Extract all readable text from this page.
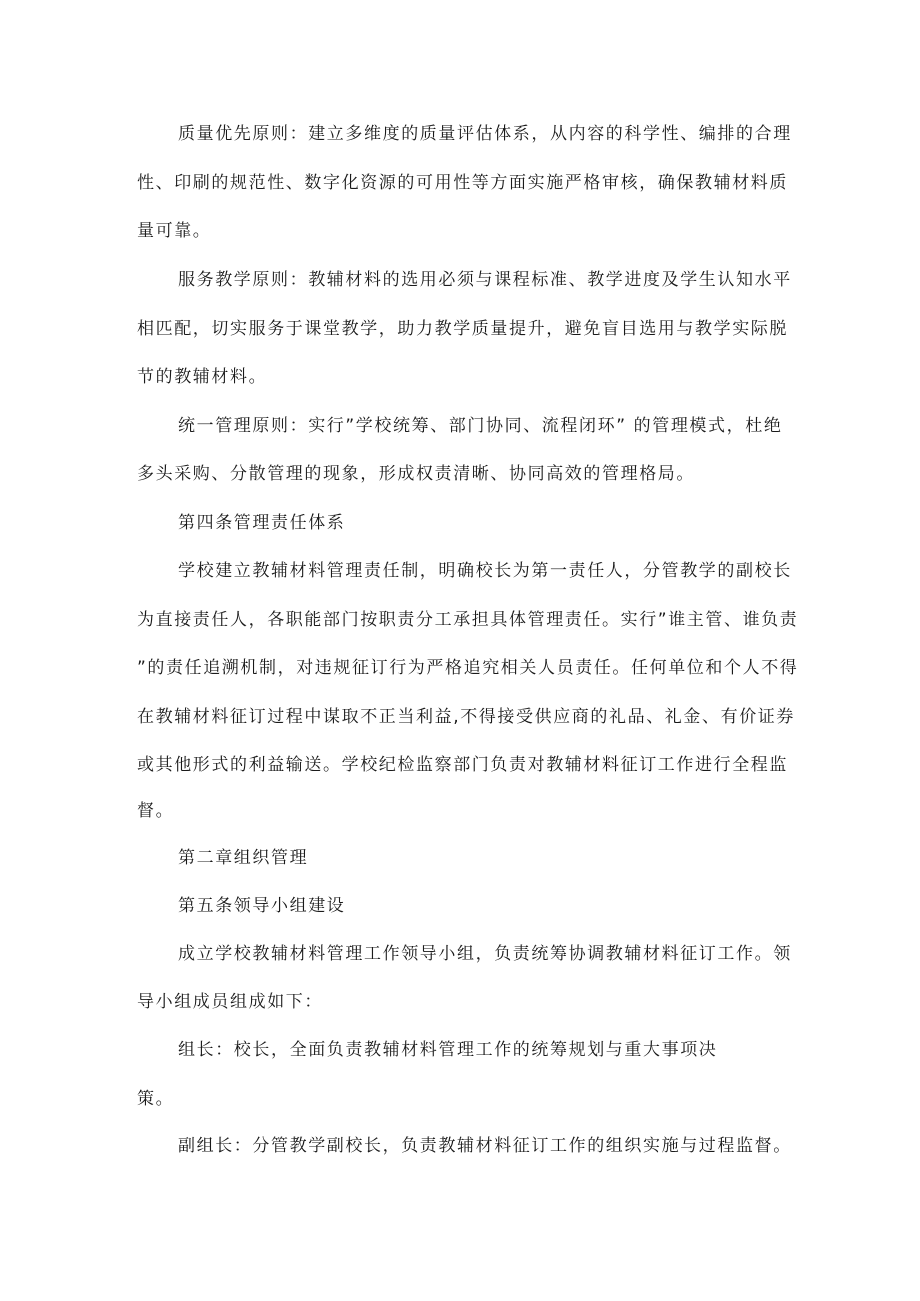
质量优先原则：建立多维度的质量评估体系，从内容的科学性、编排的合理
性、印刷的规范性、数字化资源的可用性等方面实施严格审核，确保教辅材料质
量可靠。
服务教学原则：教辅材料的选用必须与课程标准、教学进度及学生认知水平
相匹配，切实服务于课堂教学，助力教学质量提升，避免盲目选用与教学实际脱
节的教辅材料。
统一管理原则：实行”学校统筹、部门协同、流程闭环” 的管理模式，杜绝
多头采购、分散管理的现象，形成权责清晰、协同高效的管理格局。
第四条管理责任体系
学校建立教辅材料管理责任制，明确校长为第一责任人，分管教学的副校长
为直接责任人，各职能部门按职责分工承担具体管理责任。实行”谁主管、谁负责
”的责任追溯机制，对违规征订行为严格追究相关人员责任。任何单位和个人不得
在教辅材料征订过程中谋取不正当利益,不得接受供应商的礼品、礼金、有价证券
或其他形式的利益输送。学校纪检监察部门负责对教辅材料征订工作进行全程监
督。
第二章组织管理
第五条领导小组建设
成立学校教辅材料管理工作领导小组，负责统筹协调教辅材料征订工作。领
导小组成员组成如下：
组长：校长，全面负责教辅材料管理工作的统筹规划与重大事项决
策。
副组长：分管教学副校长，负责教辅材料征订工作的组织实施与过程监督。
